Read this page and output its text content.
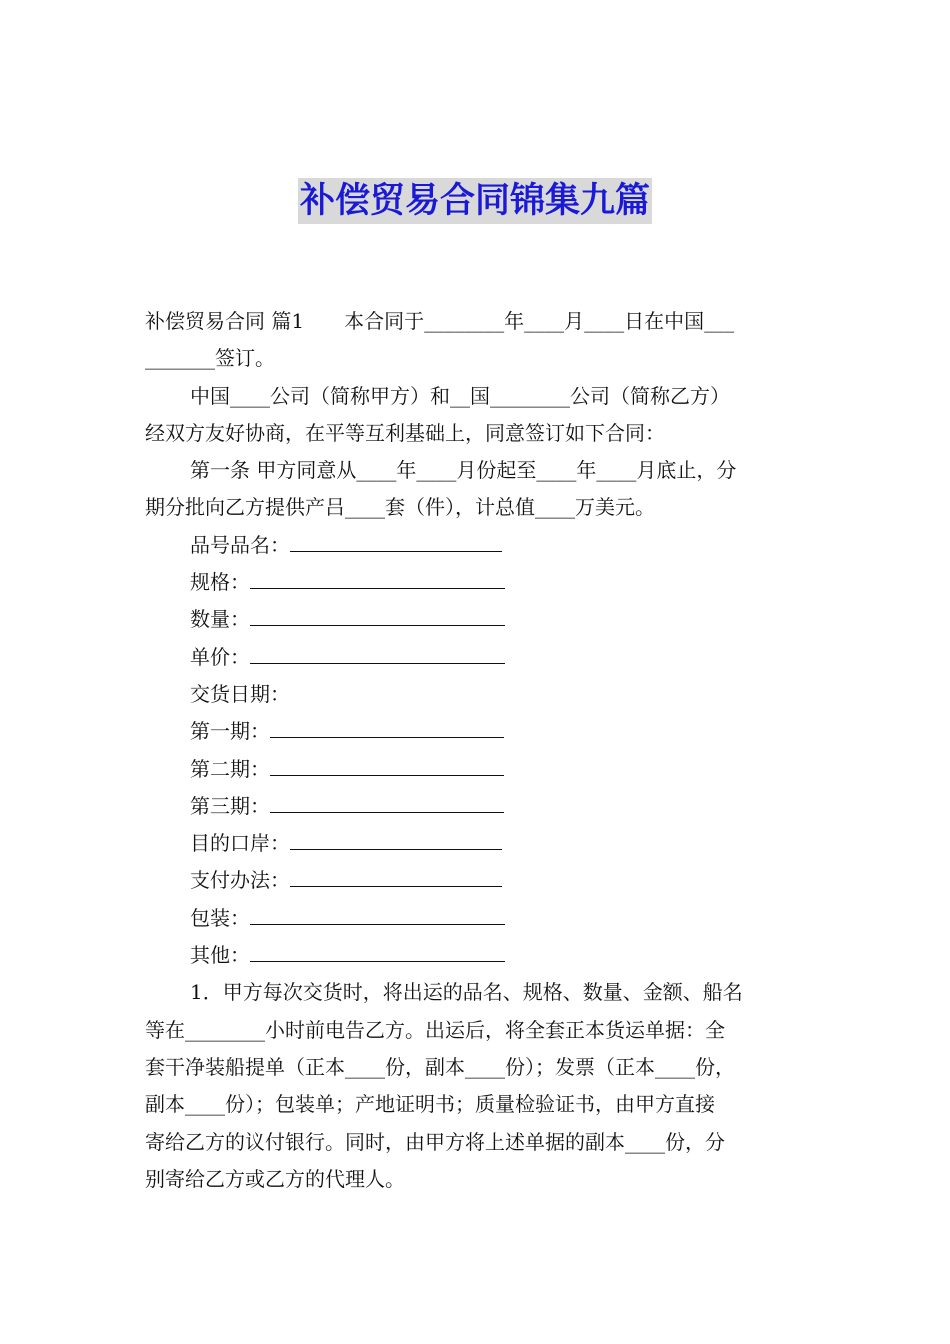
补偿贸易合同锦集九篇
补偿贸易合同 篇1　　本合同于________年____月____日在中国___
_______签订。
中国____公司（简称甲方）和__国________公司（简称乙方）
经双方友好协商，在平等互利基础上，同意签订如下合同：
第一条 甲方同意从____年____月份起至____年____月底止，分
期分批向乙方提供产吕____套（件），计总值____万美元。
品号品名：
规格：
数量：
单价：
交货日期：
第一期：
第二期：
第三期：
目的口岸：
支付办法：
包装：
其他：
1．甲方每次交货时，将出运的品名、规格、数量、金额、船名
等在________小时前电告乙方。出运后，将全套正本货运单据：全
套干净装船提单（正本____份，副本____份）；发票（正本____份，
副本____份）；包装单；产地证明书；质量检验证书，由甲方直接
寄给乙方的议付银行。同时，由甲方将上述单据的副本____份，分
别寄给乙方或乙方的代理人。
